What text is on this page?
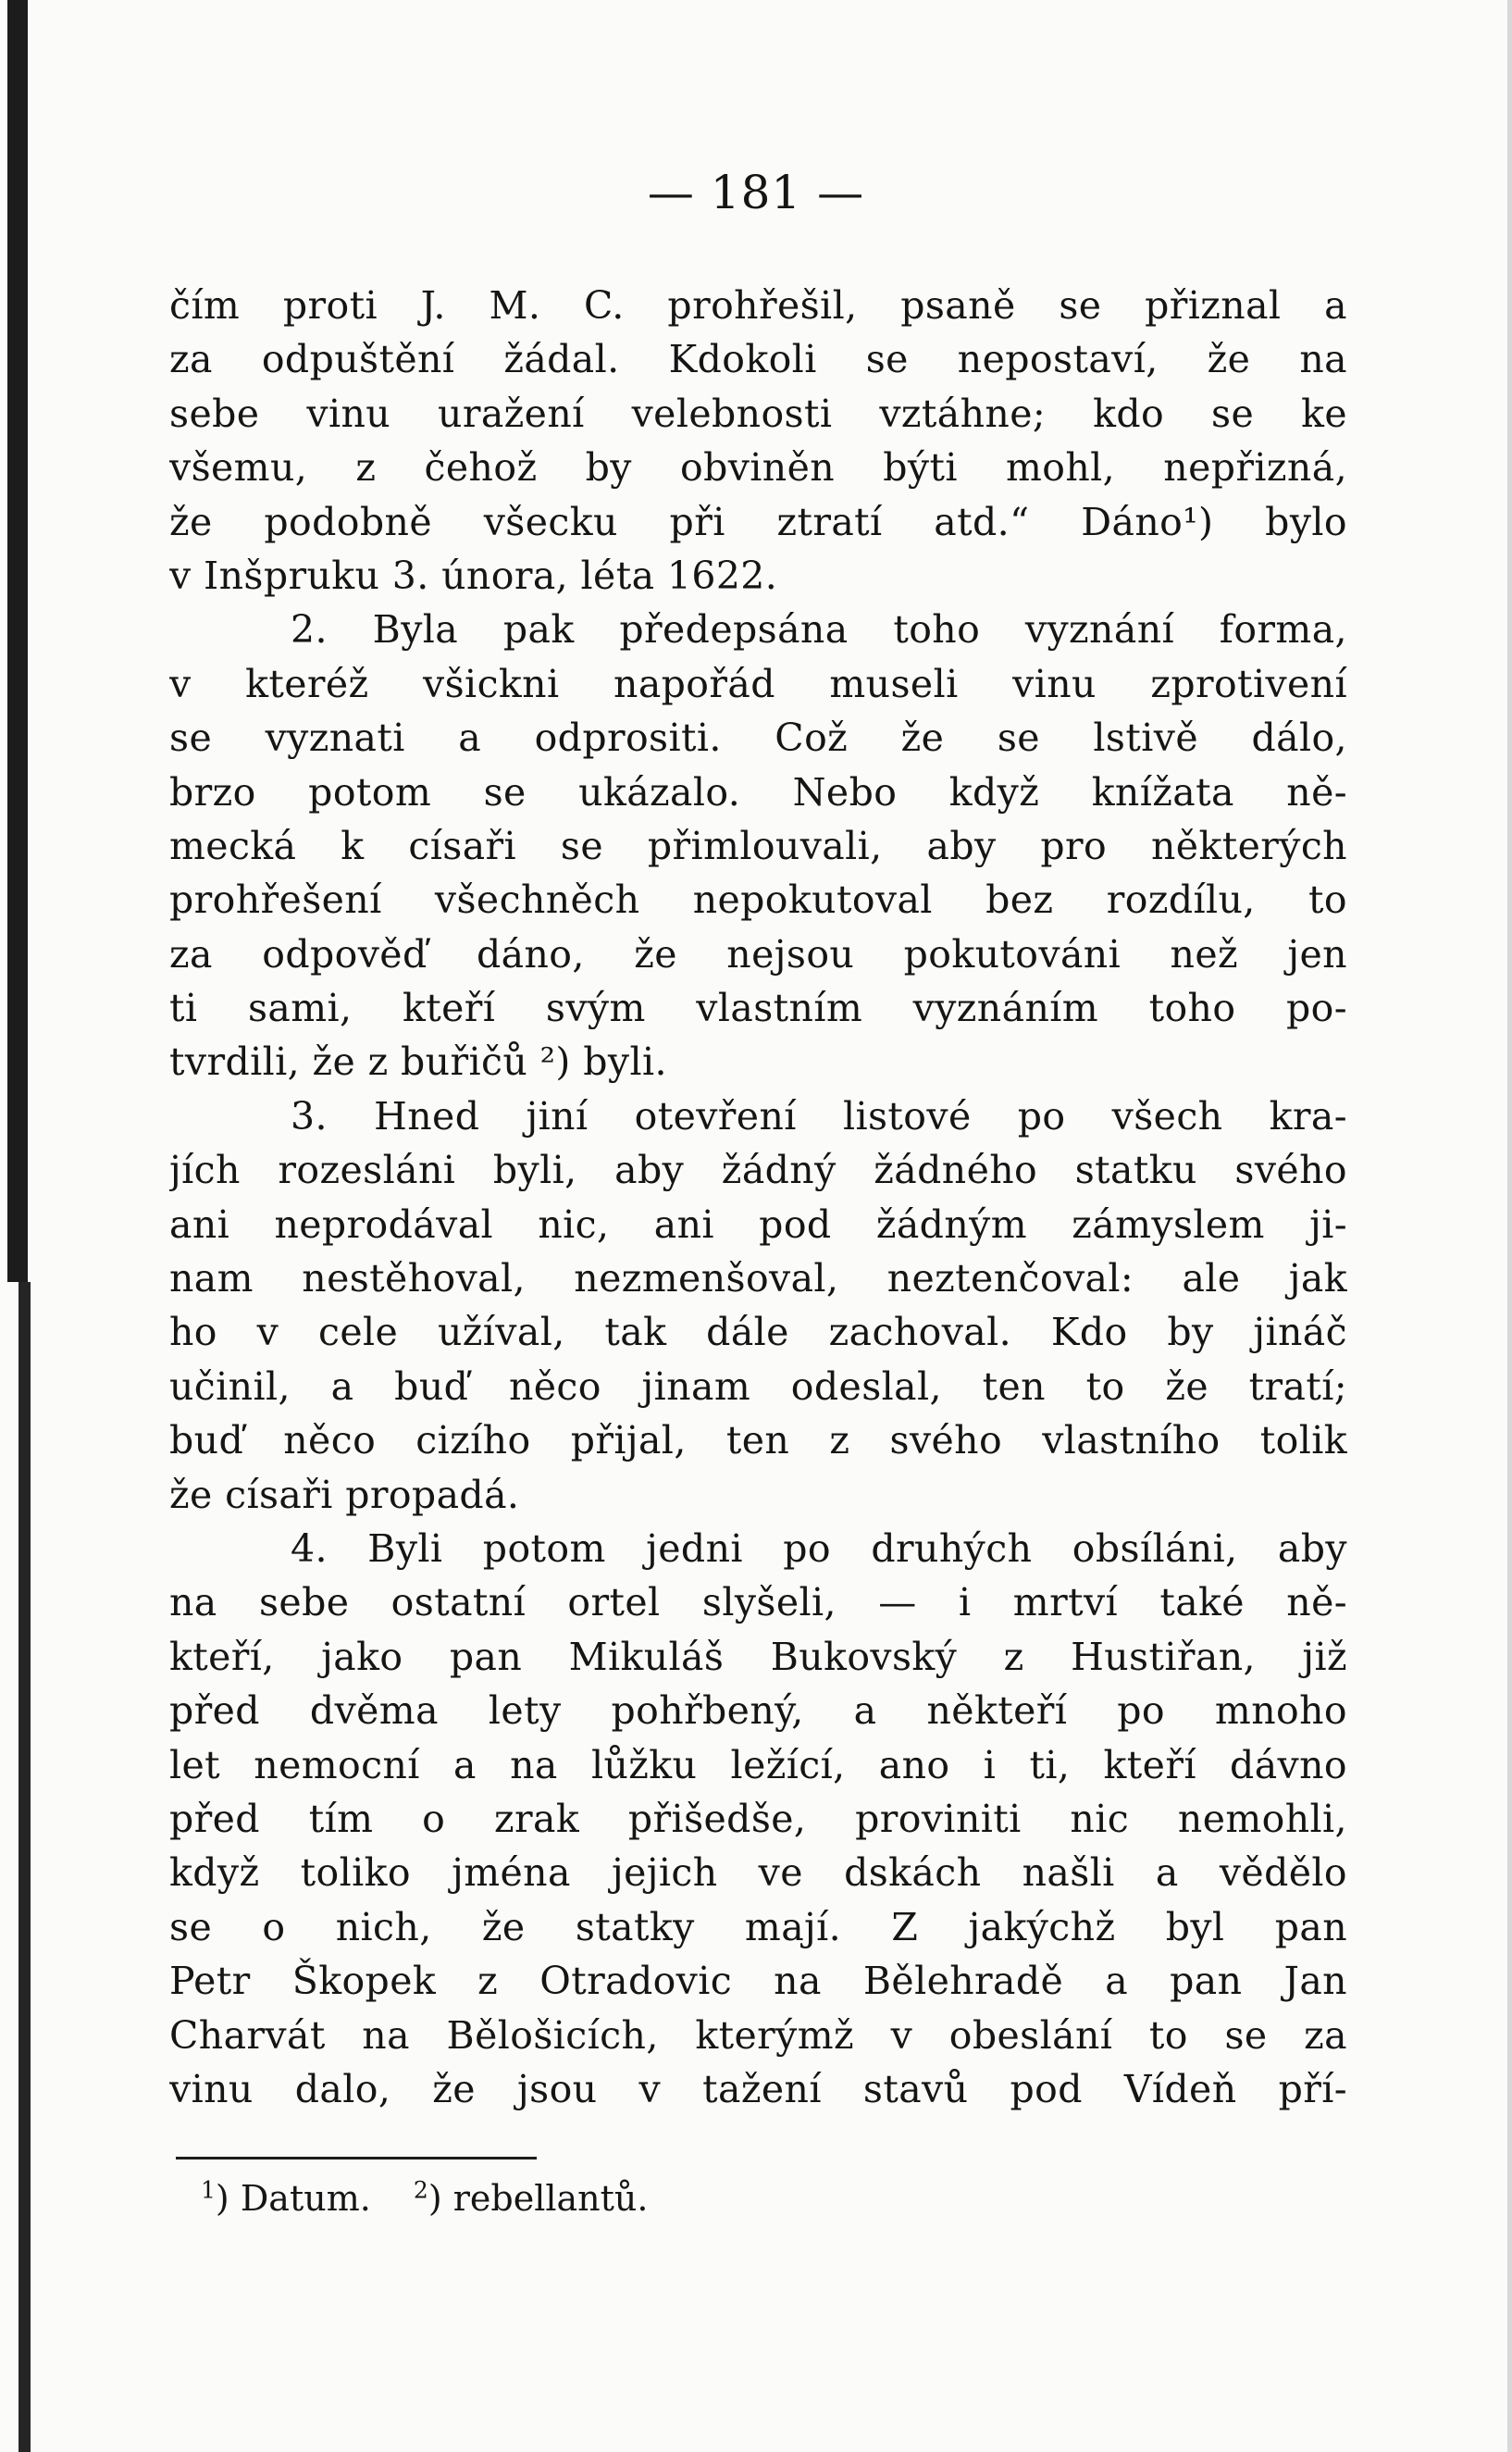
— 181 —
čím proti J. M. C. prohřešil, psaně se přiznal a
za odpuštění žádal. Kdokoli se nepostaví, že na
sebe vinu uražení velebnosti vztáhne; kdo se ke
všemu, z čehož by obviněn býti mohl, nepřizná,
že podobně všecku při ztratí atd.“ Dáno¹) bylo
v Inšpruku 3. února, léta 1622.
2. Byla pak předepsána toho vyznání forma,
v kteréž všickni napořád museli vinu zprotivení
se vyznati a odprositi. Což že se lstivě dálo,
brzo potom se ukázalo. Nebo když knížata ně-
mecká k císaři se přimlouvali, aby pro některých
prohřešení všechněch nepokutoval bez rozdílu, to
za odpověď dáno, že nejsou pokutováni než jen
ti sami, kteří svým vlastním vyznáním toho po-
tvrdili, že z buřičů ²) byli.
3. Hned jiní otevření listové po všech kra-
jích rozesláni byli, aby žádný žádného statku svého
ani neprodával nic, ani pod žádným zámyslem ji-
nam nestěhoval, nezmenšoval, neztenčoval: ale jak
ho v cele užíval, tak dále zachoval. Kdo by jináč
učinil, a buď něco jinam odeslal, ten to že tratí;
buď něco cizího přijal, ten z svého vlastního tolik
že císaři propadá.
4. Byli potom jedni po druhých obsíláni, aby
na sebe ostatní ortel slyšeli, — i mrtví také ně-
kteří, jako pan Mikuláš Bukovský z Hustiřan, již
před dvěma lety pohřbený, a někteří po mnoho
let nemocní a na lůžku ležící, ano i ti, kteří dávno
před tím o zrak přišedše, proviniti nic nemohli,
když toliko jména jejich ve dskách našli a vědělo
se o nich, že statky mají. Z jakýchž byl pan
Petr Škopek z Otradovic na Bělehradě a pan Jan
Charvát na Bělošicích, kterýmž v obeslání to se za
vinu dalo, že jsou v tažení stavů pod Vídeň pří-
$^1$) Datum. $^2$) rebellantů.
